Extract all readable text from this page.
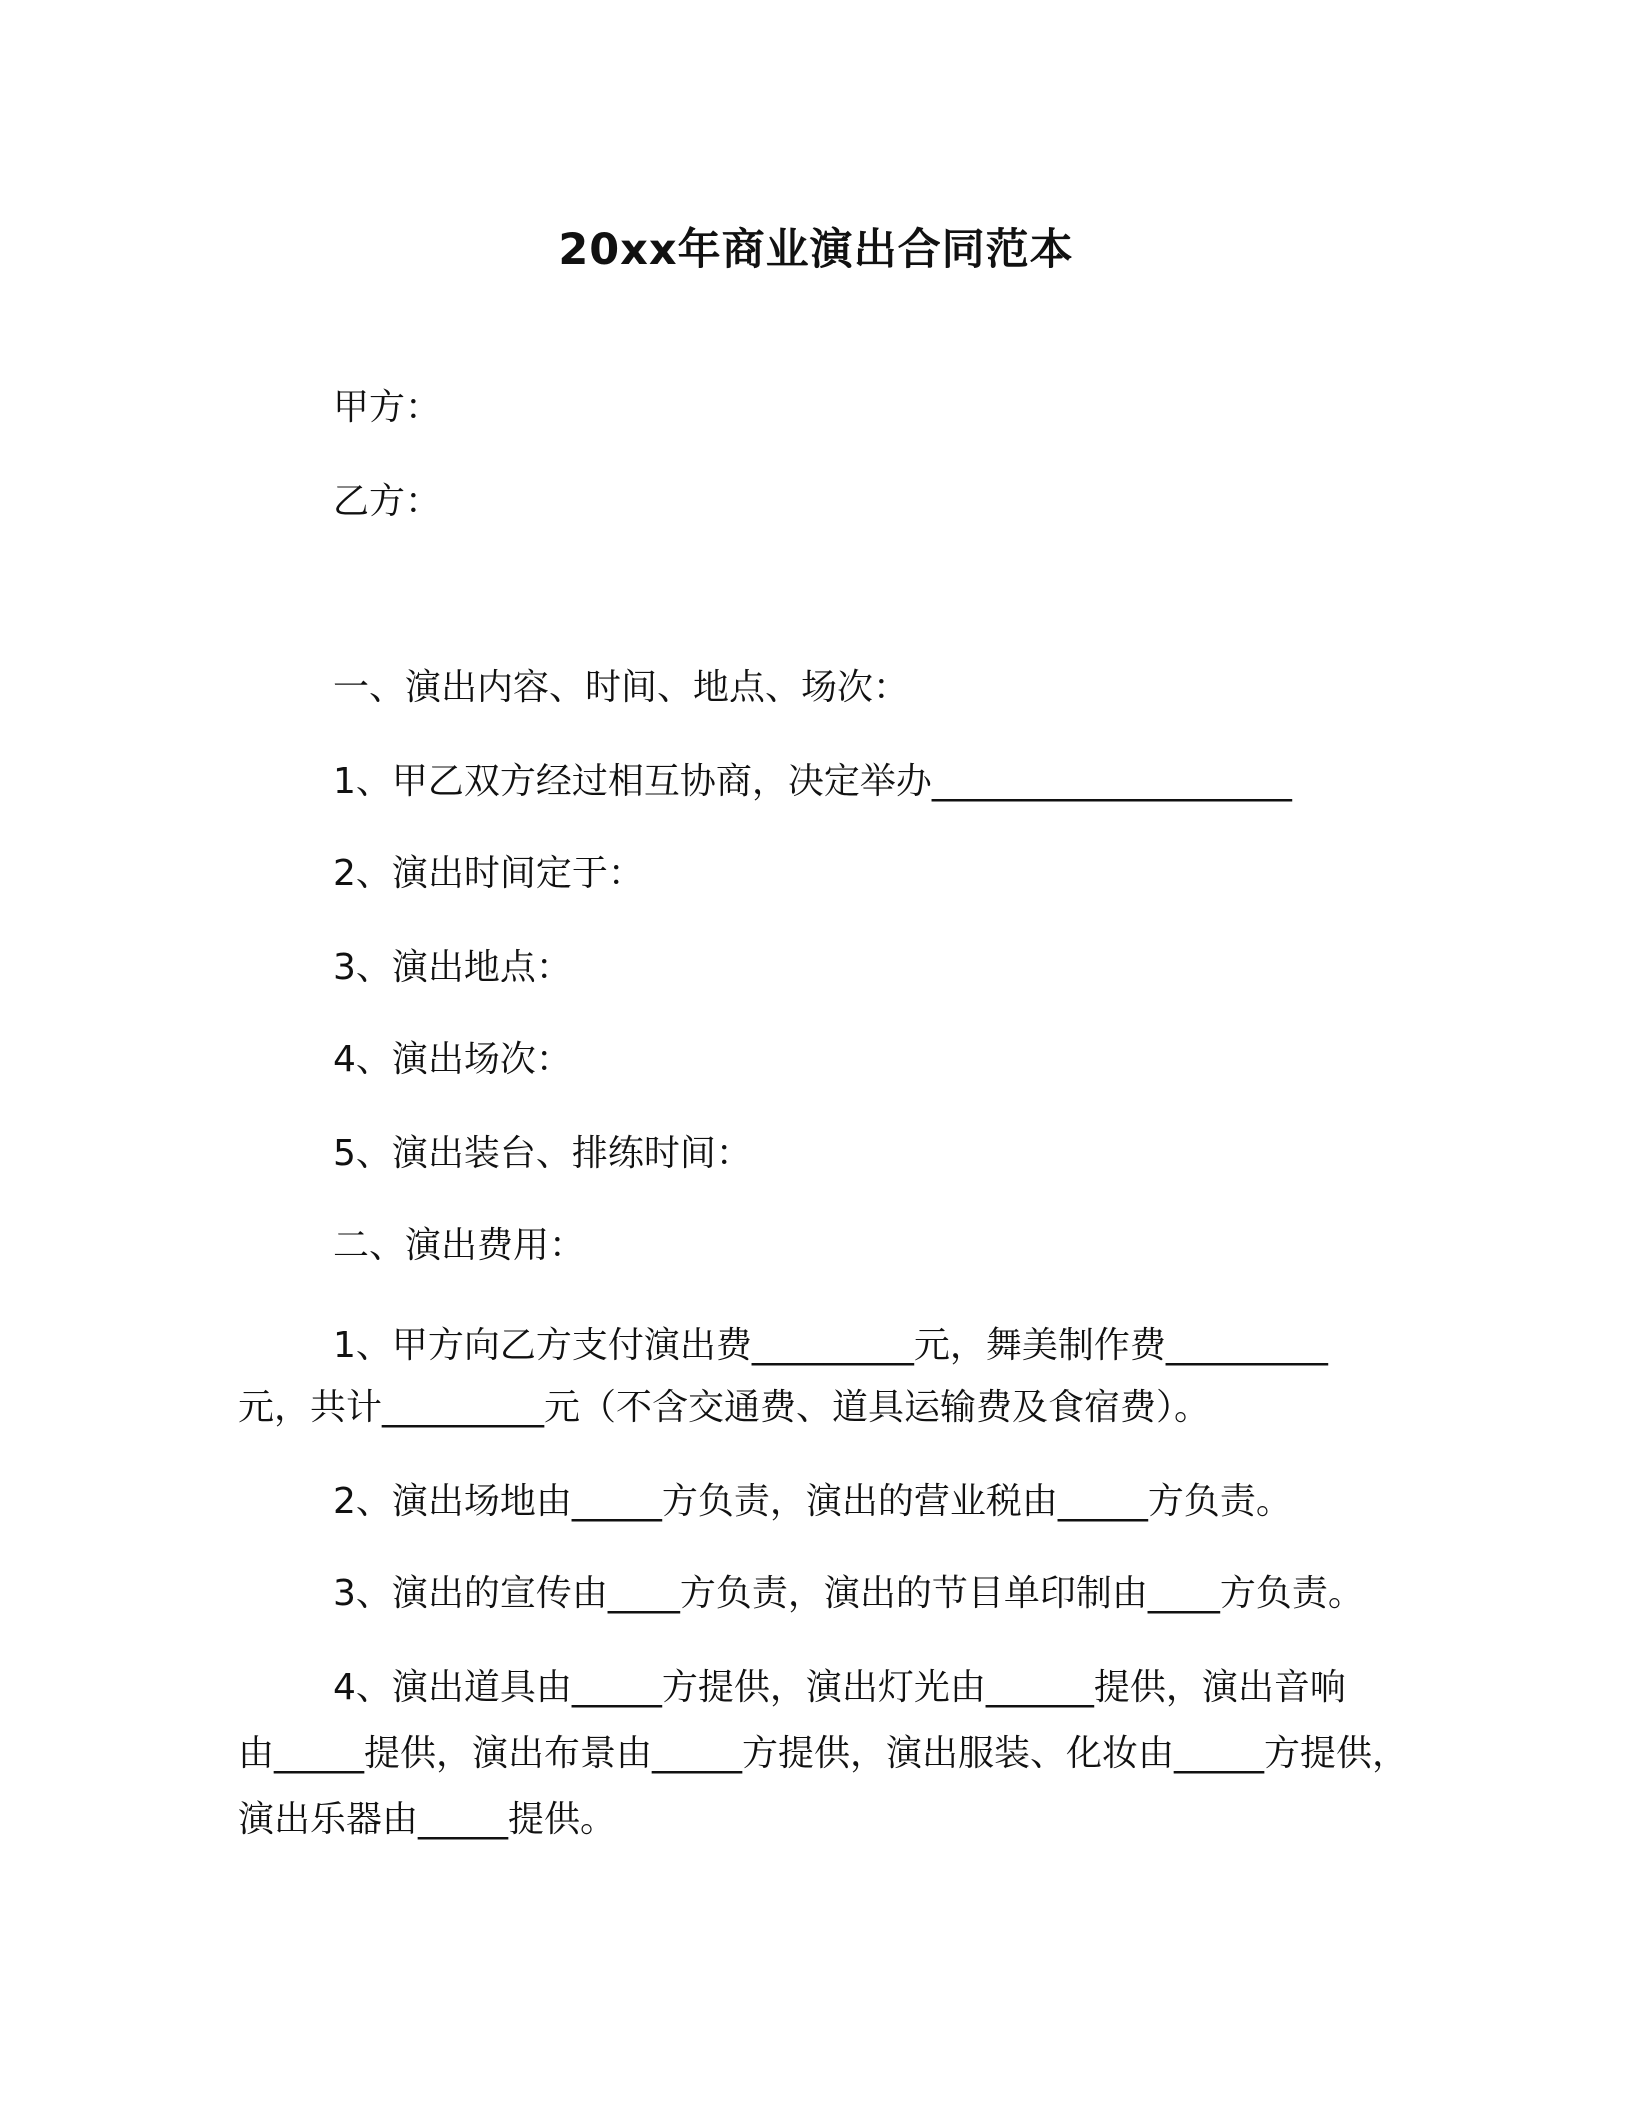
20xx年商业演出合同范本
甲方：
乙方：
一、演出内容、时间、地点、场次：
1、甲乙双方经过相互协商，决定举办____________________
2、演出时间定于：
3、演出地点：
4、演出场次：
5、演出装台、排练时间：
二、演出费用：
1、甲方向乙方支付演出费_________元，舞美制作费_________
元，共计_________元（不含交通费、道具运输费及食宿费）。
2、演出场地由_____方负责，演出的营业税由_____方负责。
3、演出的宣传由____方负责，演出的节目单印制由____方负责。
4、演出道具由_____方提供，演出灯光由______提供，演出音响
由_____提供，演出布景由_____方提供，演出服装、化妆由_____方提供，
演出乐器由_____提供。
